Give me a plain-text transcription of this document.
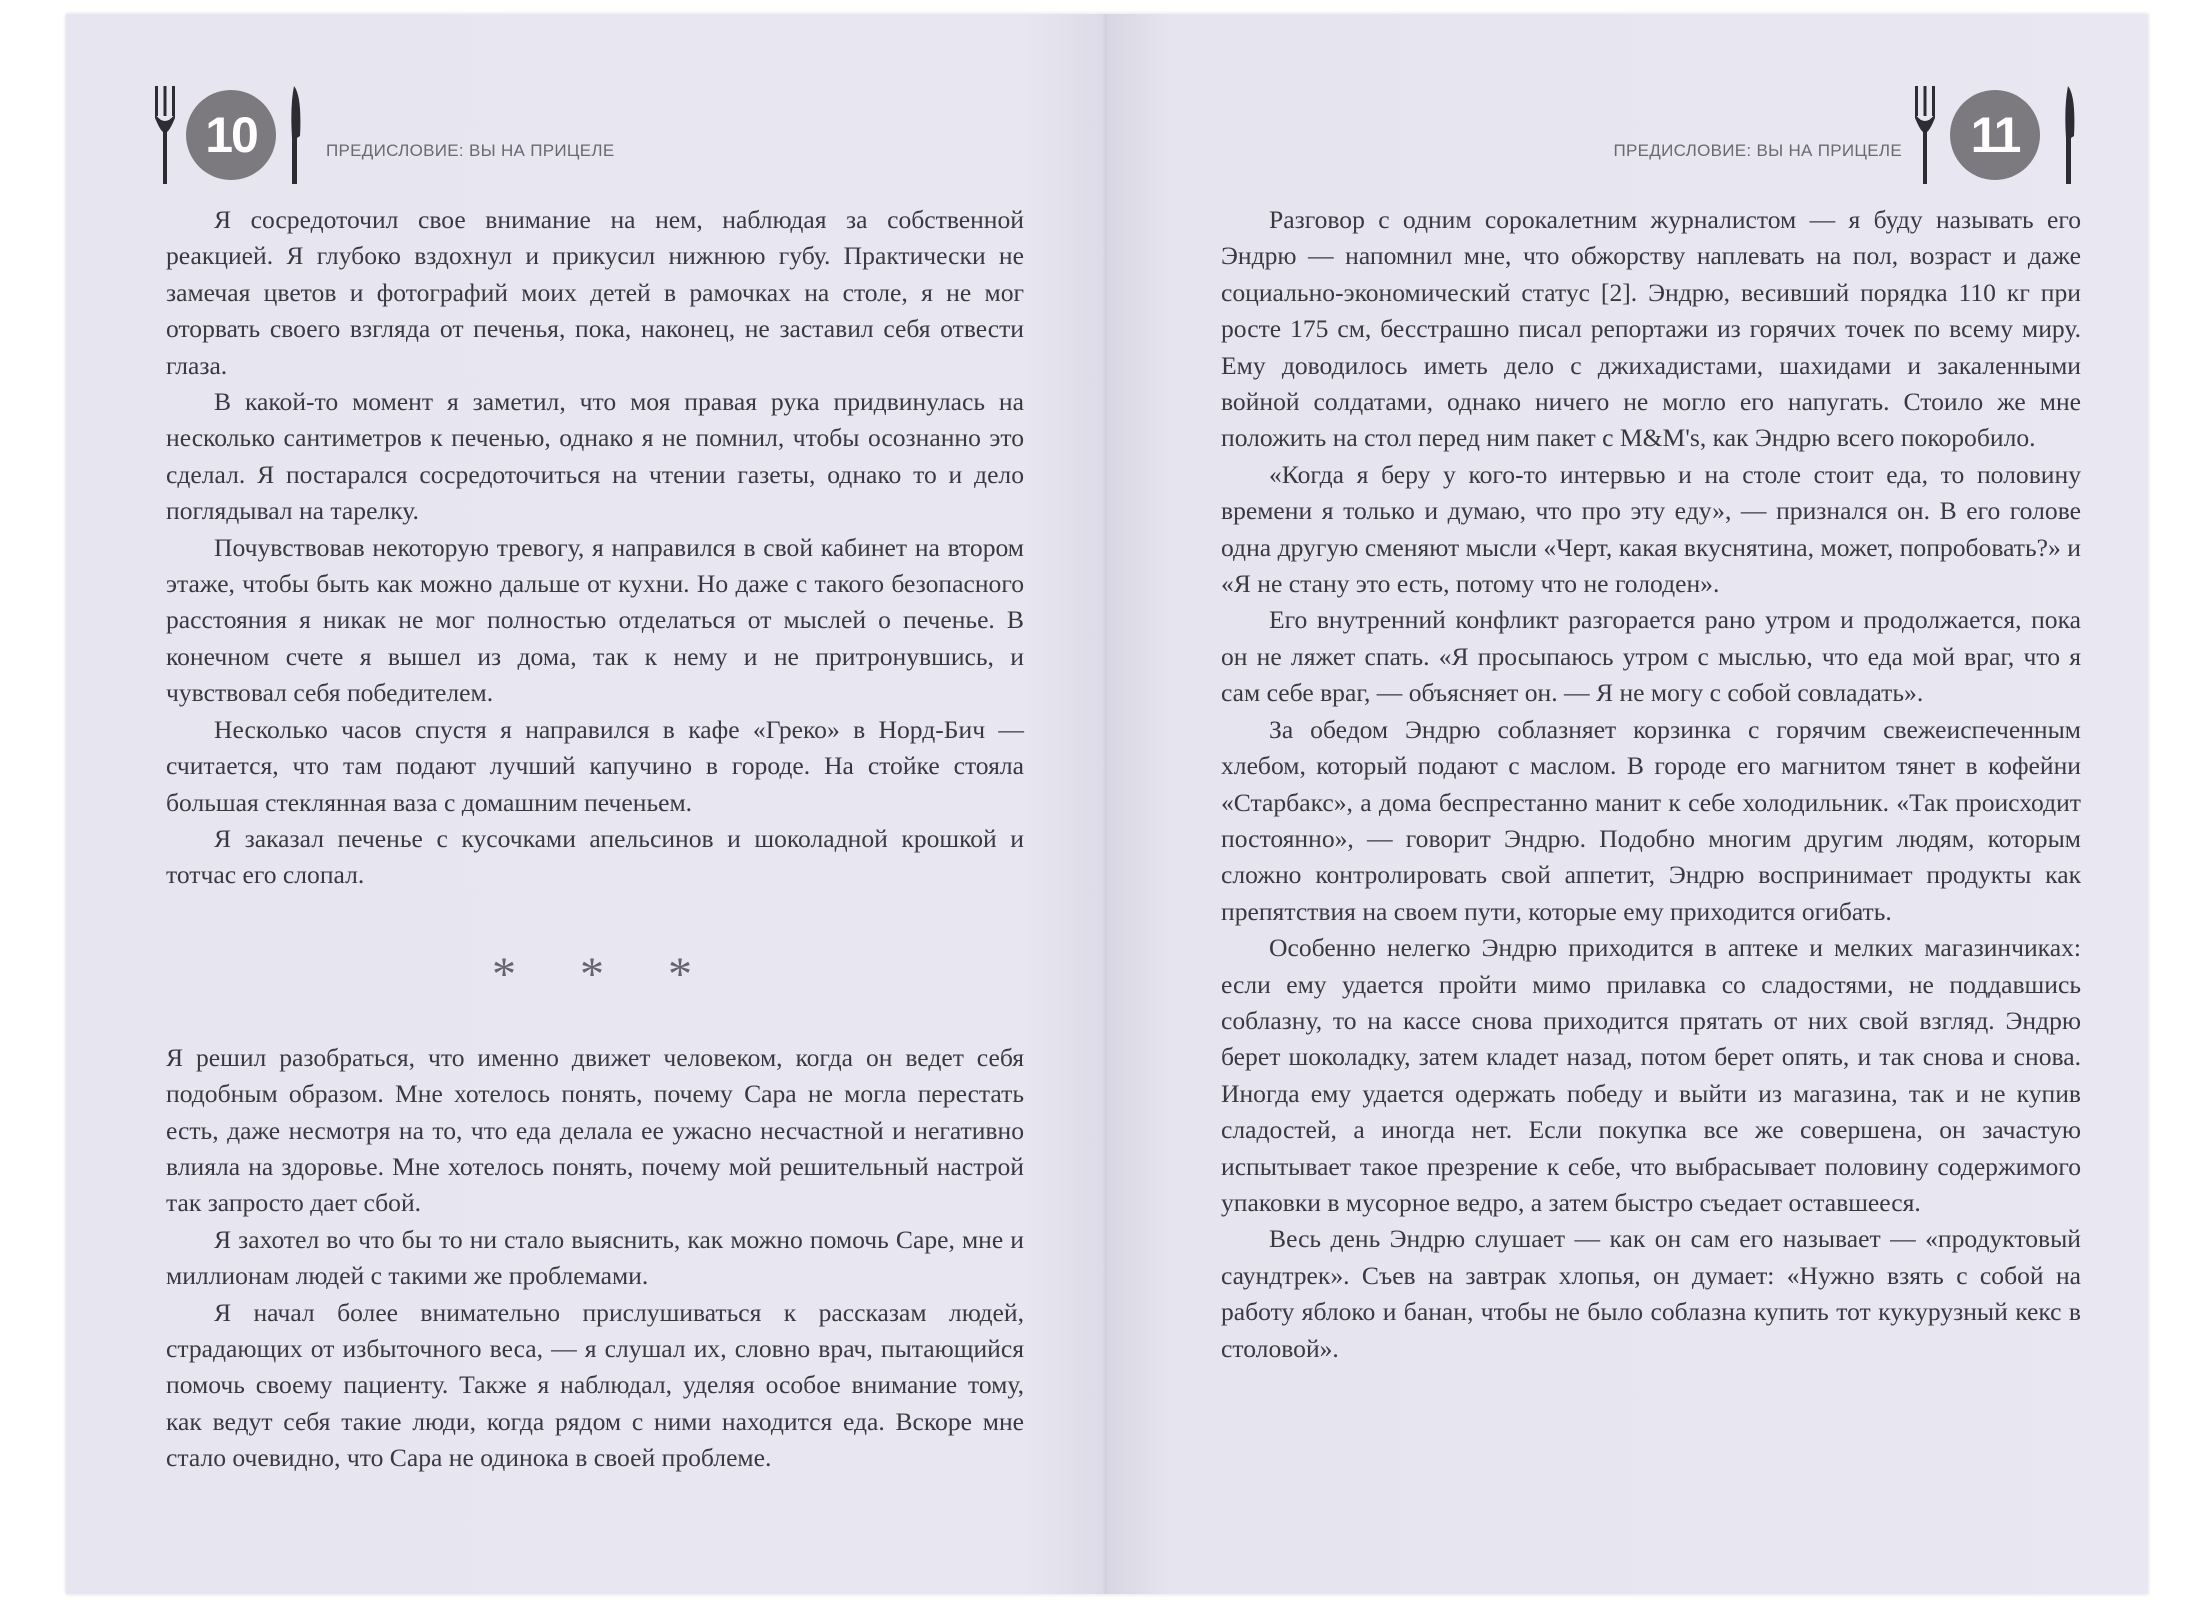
10	ПРЕДИСЛОВИЕ: ВЫ НА ПРИЦЕЛЕ

Я сосредоточил свое внимание на нем, наблюдая за собственной реакцией. Я глубоко вздохнул и прикусил нижнюю губу. Практически не замечая цветов и фотографий моих детей в рамочках на столе, я не мог оторвать своего взгляда от печенья, пока, наконец, не заставил себя отвести глаза.

В какой-то момент я заметил, что моя правая рука придвинулась на несколько сантиметров к печенью, однако я не помнил, чтобы осознанно это сделал. Я постарался сосредоточиться на чтении газеты, однако то и дело поглядывал на тарелку.

Почувствовав некоторую тревогу, я направился в свой кабинет на втором этаже, чтобы быть как можно дальше от кухни. Но даже с такого безопасного расстояния я никак не мог полностью отделаться от мыслей о печенье. В конечном счете я вышел из дома, так к нему и не притронувшись, и чувствовал себя победителем.

Несколько часов спустя я направился в кафе «Греко» в Норд-Бич — считается, что там подают лучший капучино в городе. На стойке стояла большая стеклянная ваза с домашним печеньем.

Я заказал печенье с кусочками апельсинов и шоколадной крошкой и тотчас его слопал.

* * *

Я решил разобраться, что именно движет человеком, когда он ведет себя подобным образом. Мне хотелось понять, почему Сара не могла перестать есть, даже несмотря на то, что еда делала ее ужасно несчастной и негативно влияла на здоровье. Мне хотелось понять, почему мой решительный настрой так запросто дает сбой.

Я захотел во что бы то ни стало выяснить, как можно помочь Саре, мне и миллионам людей с такими же проблемами.

Я начал более внимательно прислушиваться к рассказам людей, страдающих от избыточного веса, — я слушал их, словно врач, пытающийся помочь своему пациенту. Также я наблюдал, уделяя особое внимание тому, как ведут себя такие люди, когда рядом с ними находится еда. Вскоре мне стало очевидно, что Сара не одинока в своей проблеме.

ПРЕДИСЛОВИЕ: ВЫ НА ПРИЦЕЛЕ	11

Разговор с одним сорокалетним журналистом — я буду называть его Эндрю — напомнил мне, что обжорству наплевать на пол, возраст и даже социально-экономический статус [2]. Эндрю, весивший порядка 110 кг при росте 175 см, бесстрашно писал репортажи из горячих точек по всему миру. Ему доводилось иметь дело с джихадистами, шахидами и закаленными войной солдатами, однако ничего не могло его напугать. Стоило же мне положить на стол перед ним пакет с M&M's, как Эндрю всего покоробило.

«Когда я беру у кого-то интервью и на столе стоит еда, то половину времени я только и думаю, что про эту еду», — признался он. В его голове одна другую сменяют мысли «Черт, какая вкуснятина, может, попробовать?» и «Я не стану это есть, потому что не голоден».

Его внутренний конфликт разгорается рано утром и продолжается, пока он не ляжет спать. «Я просыпаюсь утром с мыслью, что еда мой враг, что я сам себе враг, — объясняет он. — Я не могу с собой совладать».

За обедом Эндрю соблазняет корзинка с горячим свежеиспеченным хлебом, который подают с маслом. В городе его магнитом тянет в кофейни «Старбакс», а дома беспрестанно манит к себе холодильник. «Так происходит постоянно», — говорит Эндрю. Подобно многим другим людям, которым сложно контролировать свой аппетит, Эндрю воспринимает продукты как препятствия на своем пути, которые ему приходится огибать.

Особенно нелегко Эндрю приходится в аптеке и мелких магазинчиках: если ему удается пройти мимо прилавка со сладостями, не поддавшись соблазну, то на кассе снова приходится прятать от них свой взгляд. Эндрю берет шоколадку, затем кладет назад, потом берет опять, и так снова и снова. Иногда ему удается одержать победу и выйти из магазина, так и не купив сладостей, а иногда нет. Если покупка все же совершена, он зачастую испытывает такое презрение к себе, что выбрасывает половину содержимого упаковки в мусорное ведро, а затем быстро съедает оставшееся.

Весь день Эндрю слушает — как он сам его называет — «продуктовый саундтрек». Съев на завтрак хлопья, он думает: «Нужно взять с собой на работу яблоко и банан, чтобы не было соблазна купить тот кукурузный кекс в столовой».
